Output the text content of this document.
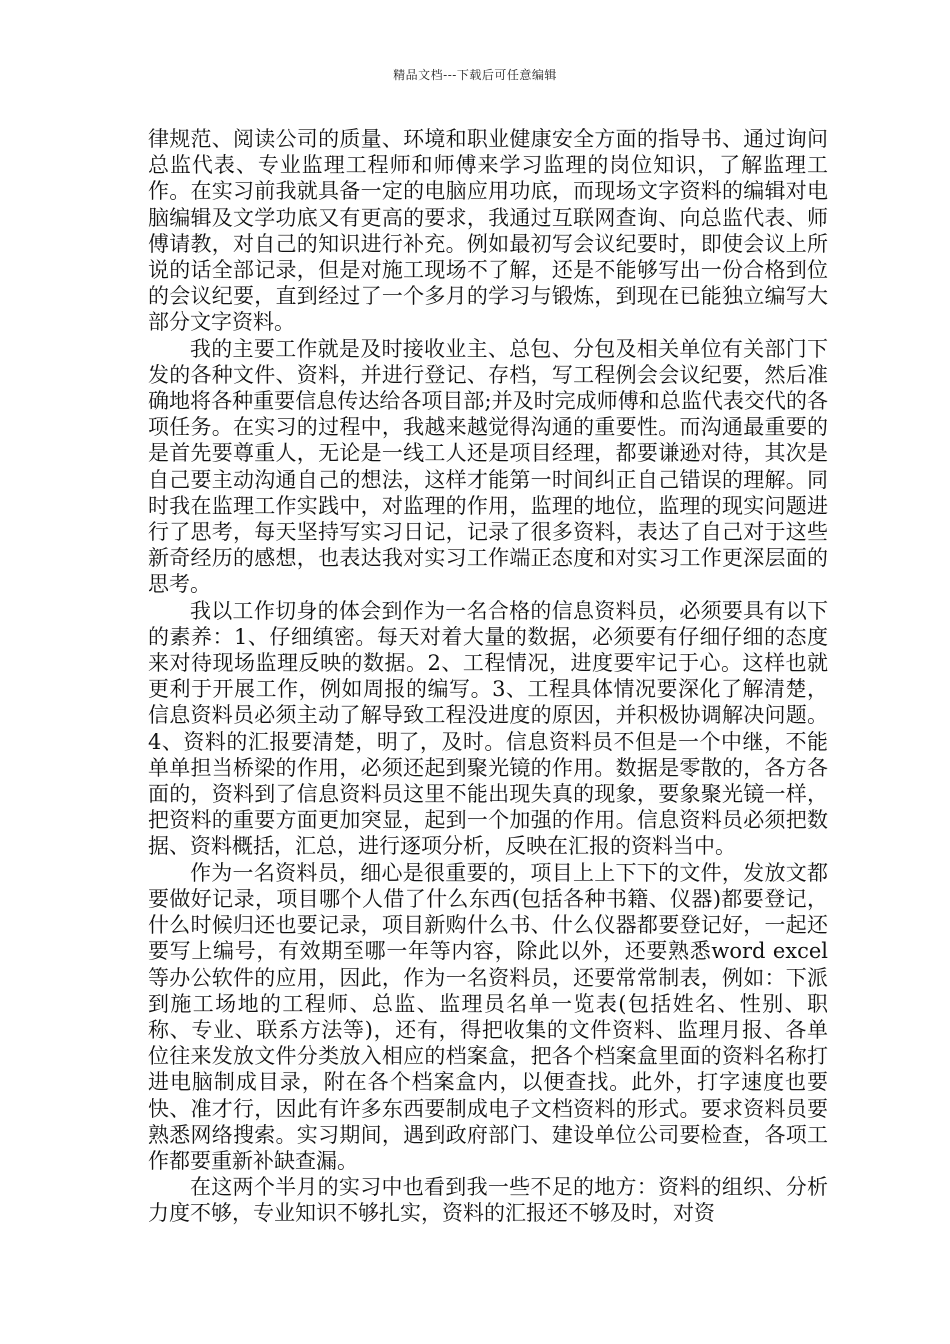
精品文档---下载后可任意编辑

律规范、阅读公司的质量、环境和职业健康安全方面的指导书、通过询问总监代表、专业监理工程师和师傅来学习监理的岗位知识，了解监理工作。在实习前我就具备一定的电脑应用功底，而现场文字资料的编辑对电脑编辑及文学功底又有更高的要求，我通过互联网查询、向总监代表、师傅请教，对自己的知识进行补充。例如最初写会议纪要时，即使会议上所说的话全部记录，但是对施工现场不了解，还是不能够写出一份合格到位的会议纪要，直到经过了一个多月的学习与锻炼，到现在已能独立编写大部分文字资料。

我的主要工作就是及时接收业主、总包、分包及相关单位有关部门下发的各种文件、资料，并进行登记、存档，写工程例会会议纪要，然后准确地将各种重要信息传达给各项目部;并及时完成师傅和总监代表交代的各项任务。在实习的过程中，我越来越觉得沟通的重要性。而沟通最重要的是首先要尊重人，无论是一线工人还是项目经理，都要谦逊对待，其次是自己要主动沟通自己的想法，这样才能第一时间纠正自己错误的理解。同时我在监理工作实践中，对监理的作用，监理的地位，监理的现实问题进行了思考，每天坚持写实习日记，记录了很多资料，表达了自己对于这些新奇经历的感想，也表达我对实习工作端正态度和对实习工作更深层面的思考。

我以工作切身的体会到作为一名合格的信息资料员，必须要具有以下的素养：1、仔细缜密。每天对着大量的数据，必须要有仔细仔细的态度来对待现场监理反映的数据。2、工程情况，进度要牢记于心。这样也就更利于开展工作，例如周报的编写。3、工程具体情况要深化了解清楚，信息资料员必须主动了解导致工程没进度的原因，并积极协调解决问题。4、资料的汇报要清楚，明了，及时。信息资料员不但是一个中继，不能单单担当桥梁的作用，必须还起到聚光镜的作用。数据是零散的，各方各面的，资料到了信息资料员这里不能出现失真的现象，要象聚光镜一样，把资料的重要方面更加突显，起到一个加强的作用。信息资料员必须把数据、资料概括，汇总，进行逐项分析，反映在汇报的资料当中。

作为一名资料员，细心是很重要的，项目上上下下的文件，发放文都要做好记录，项目哪个人借了什么东西(包括各种书籍、仪器)都要登记，什么时候归还也要记录，项目新购什么书、什么仪器都要登记好，一起还要写上编号，有效期至哪一年等内容，除此以外，还要熟悉word excel等办公软件的应用，因此，作为一名资料员，还要常常制表，例如：下派到施工场地的工程师、总监、监理员名单一览表(包括姓名、性别、职称、专业、联系方法等)，还有，得把收集的文件资料、监理月报、各单位往来发放文件分类放入相应的档案盒，把各个档案盒里面的资料名称打进电脑制成目录，附在各个档案盒内，以便查找。此外，打字速度也要快、准才行，因此有许多东西要制成电子文档资料的形式。要求资料员要熟悉网络搜索。实习期间，遇到政府部门、建设单位公司要检查，各项工作都要重新补缺查漏。

在这两个半月的实习中也看到我一些不足的地方：资料的组织、分析力度不够，专业知识不够扎实，资料的汇报还不够及时，对资
